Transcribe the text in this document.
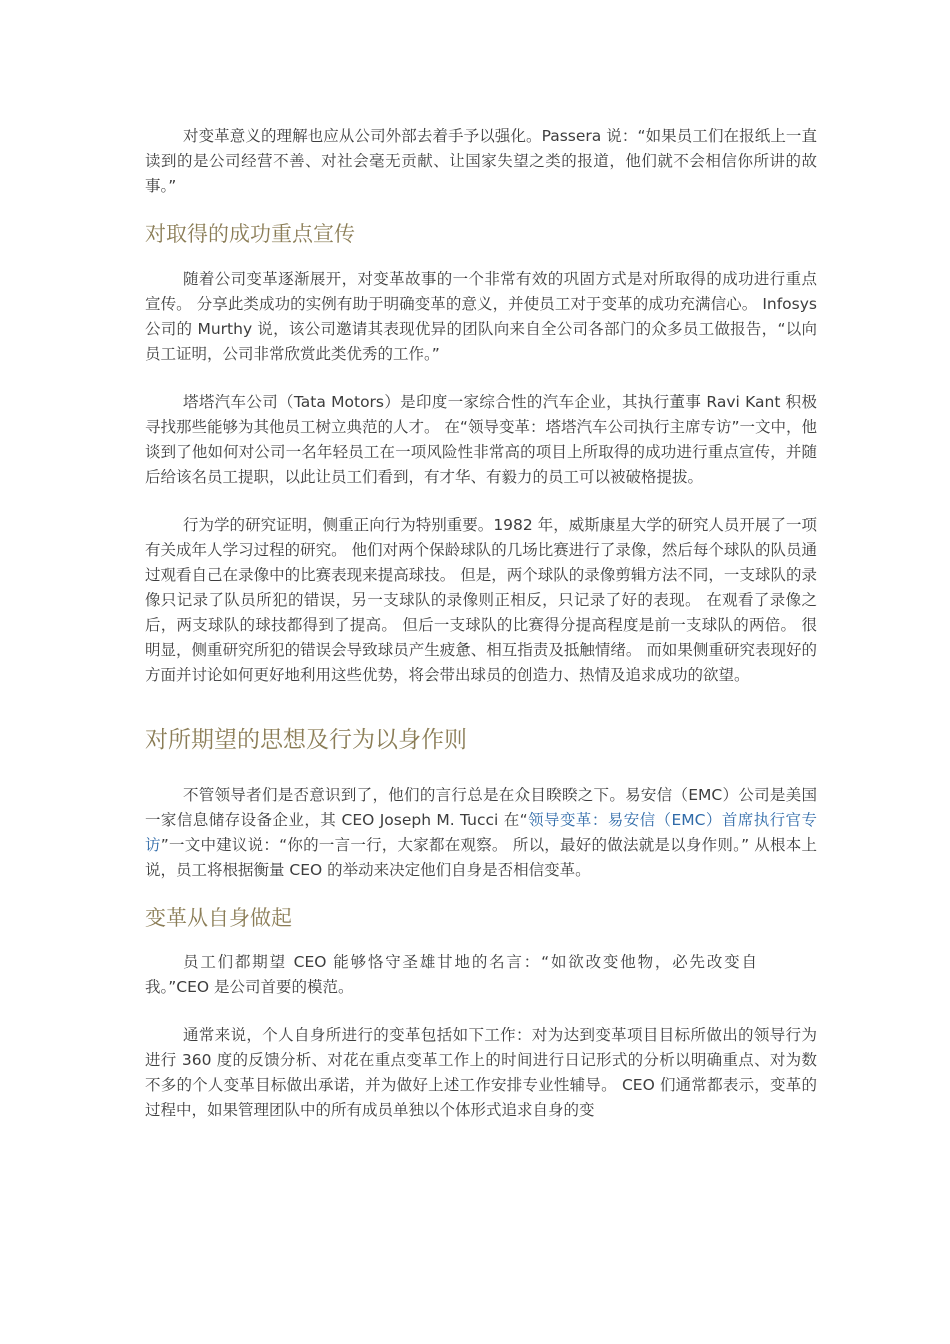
对变革意义的理解也应从公司外部去着手予以强化。Passera 说：“如果员工们在报纸上一直读到的是公司经营不善、对社会毫无贡献、让国家失望之类的报道，他们就不会相信你所讲的故事。”

对取得的成功重点宣传

随着公司变革逐渐展开，对变革故事的一个非常有效的巩固方式是对所取得的成功进行重点宣传。 分享此类成功的实例有助于明确变革的意义，并使员工对于变革的成功充满信心。 Infosys 公司的 Murthy 说，该公司邀请其表现优异的团队向来自全公司各部门的众多员工做报告，“以向员工证明，公司非常欣赏此类优秀的工作。”

塔塔汽车公司（Tata Motors）是印度一家综合性的汽车企业，其执行董事 Ravi Kant 积极寻找那些能够为其他员工树立典范的人才。 在“领导变革：塔塔汽车公司执行主席专访”一文中，他谈到了他如何对公司一名年轻员工在一项风险性非常高的项目上所取得的成功进行重点宣传，并随后给该名员工提职，以此让员工们看到，有才华、有毅力的员工可以被破格提拔。

行为学的研究证明，侧重正向行为特别重要。1982 年，威斯康星大学的研究人员开展了一项有关成年人学习过程的研究。 他们对两个保龄球队的几场比赛进行了录像，然后每个球队的队员通过观看自己在录像中的比赛表现来提高球技。 但是，两个球队的录像剪辑方法不同，一支球队的录像只记录了队员所犯的错误，另一支球队的录像则正相反，只记录了好的表现。 在观看了录像之后，两支球队的球技都得到了提高。 但后一支球队的比赛得分提高程度是前一支球队的两倍。 很明显，侧重研究所犯的错误会导致球员产生疲惫、相互指责及抵触情绪。 而如果侧重研究表现好的方面并讨论如何更好地利用这些优势，将会带出球员的创造力、热情及追求成功的欲望。

对所期望的思想及行为以身作则

不管领导者们是否意识到了，他们的言行总是在众目睽睽之下。易安信（EMC）公司是美国一家信息储存设备企业，其 CEO Joseph M. Tucci 在“领导变革：易安信（EMC）首席执行官专访”一文中建议说：“你的一言一行，大家都在观察。 所以，最好的做法就是以身作则。” 从根本上说，员工将根据衡量 CEO 的举动来决定他们自身是否相信变革。

变革从自身做起

员工们都期望 CEO 能够恪守圣雄甘地的名言：“如欲改变他物，必先改变自我。”CEO 是公司首要的模范。

通常来说，个人自身所进行的变革包括如下工作：对为达到变革项目目标所做出的领导行为进行 360 度的反馈分析、对花在重点变革工作上的时间进行日记形式的分析以明确重点、对为数不多的个人变革目标做出承诺，并为做好上述工作安排专业性辅导。 CEO 们通常都表示，变革的过程中，如果管理团队中的所有成员单独以个体形式追求自身的变
